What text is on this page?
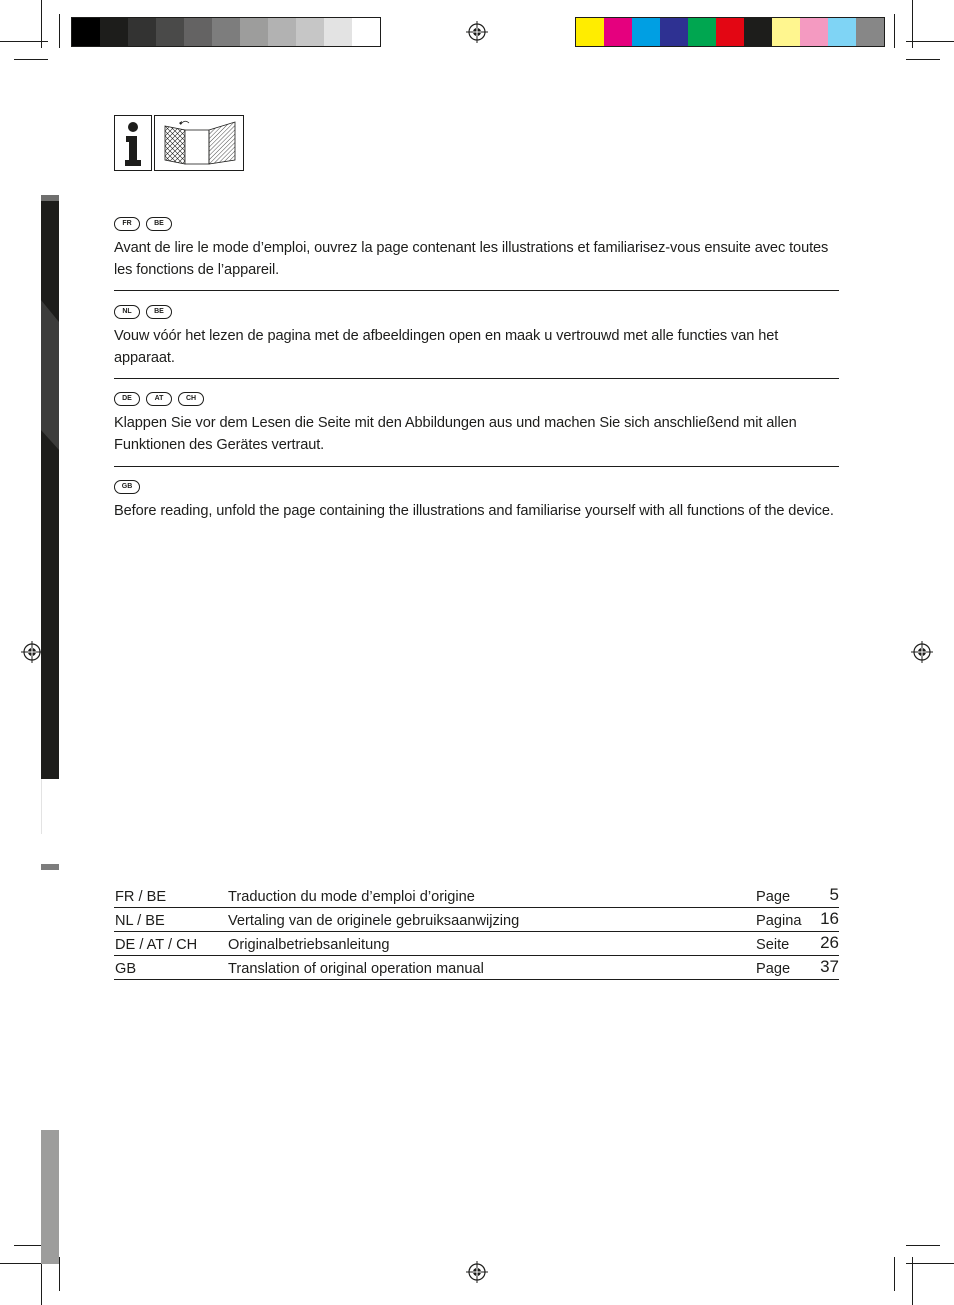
FR	BE

Avant de lire le mode d’emploi, ouvrez la page contenant les illustrations et familiarisez-vous ensuite avec toutes les fonctions de l’appareil.

NL	BE

Vouw vóór het lezen de pagina met de afbeeldingen open en maak u vertrouwd met alle functies van het apparaat.

DE	AT	CH

Klappen Sie vor dem Lesen die Seite mit den Abbildungen aus und machen Sie sich anschließend mit allen Funktionen des Gerätes vertraut.

GB

Before reading, unfold the page containing the illustrations and familiarise yourself with all functions of the device.

FR / BE	Traduction du mode d’emploi d’origine	Page 5
NL / BE	Vertaling van de originele gebruiksaanwijzing	Pagina 16
DE / AT / CH Originalbetriebsanleitung	Seite 26
GB	Translation of original operation manual	Page 37
